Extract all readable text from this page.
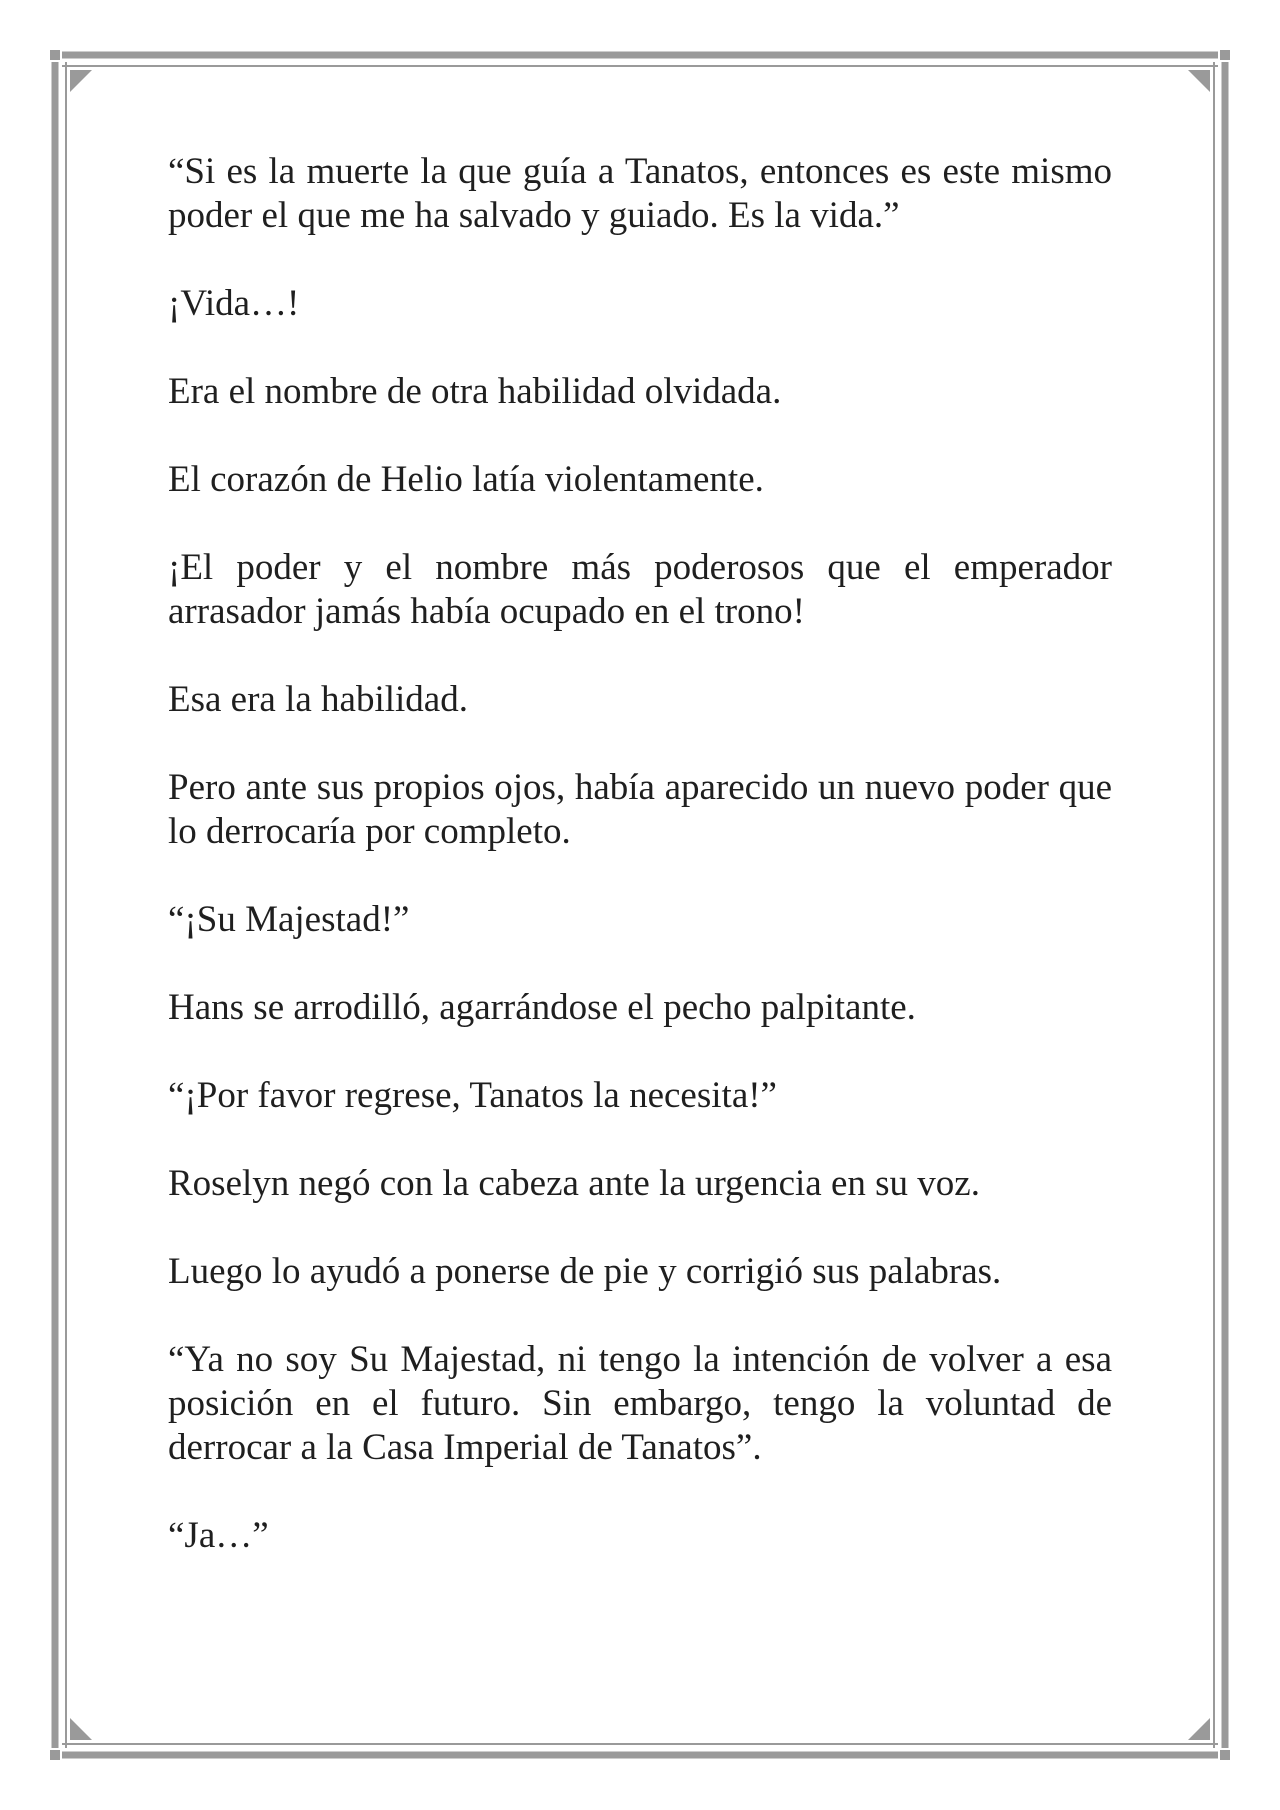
“Si es la muerte la que guía a Tanatos, entonces es este mismo poder el que me ha salvado y guiado. Es la vida.”

¡Vida…!

Era el nombre de otra habilidad olvidada.

El corazón de Helio latía violentamente.

¡El poder y el nombre más poderosos que el emperador arrasador jamás había ocupado en el trono!

Esa era la habilidad.

Pero ante sus propios ojos, había aparecido un nuevo poder que lo derrocaría por completo.

“¡Su Majestad!”

Hans se arrodilló, agarrándose el pecho palpitante.

“¡Por favor regrese, Tanatos la necesita!”

Roselyn negó con la cabeza ante la urgencia en su voz.

Luego lo ayudó a ponerse de pie y corrigió sus palabras.

“Ya no soy Su Majestad, ni tengo la intención de volver a esa posición en el futuro. Sin embargo, tengo la voluntad de derrocar a la Casa Imperial de Tanatos”.

“Ja…”
